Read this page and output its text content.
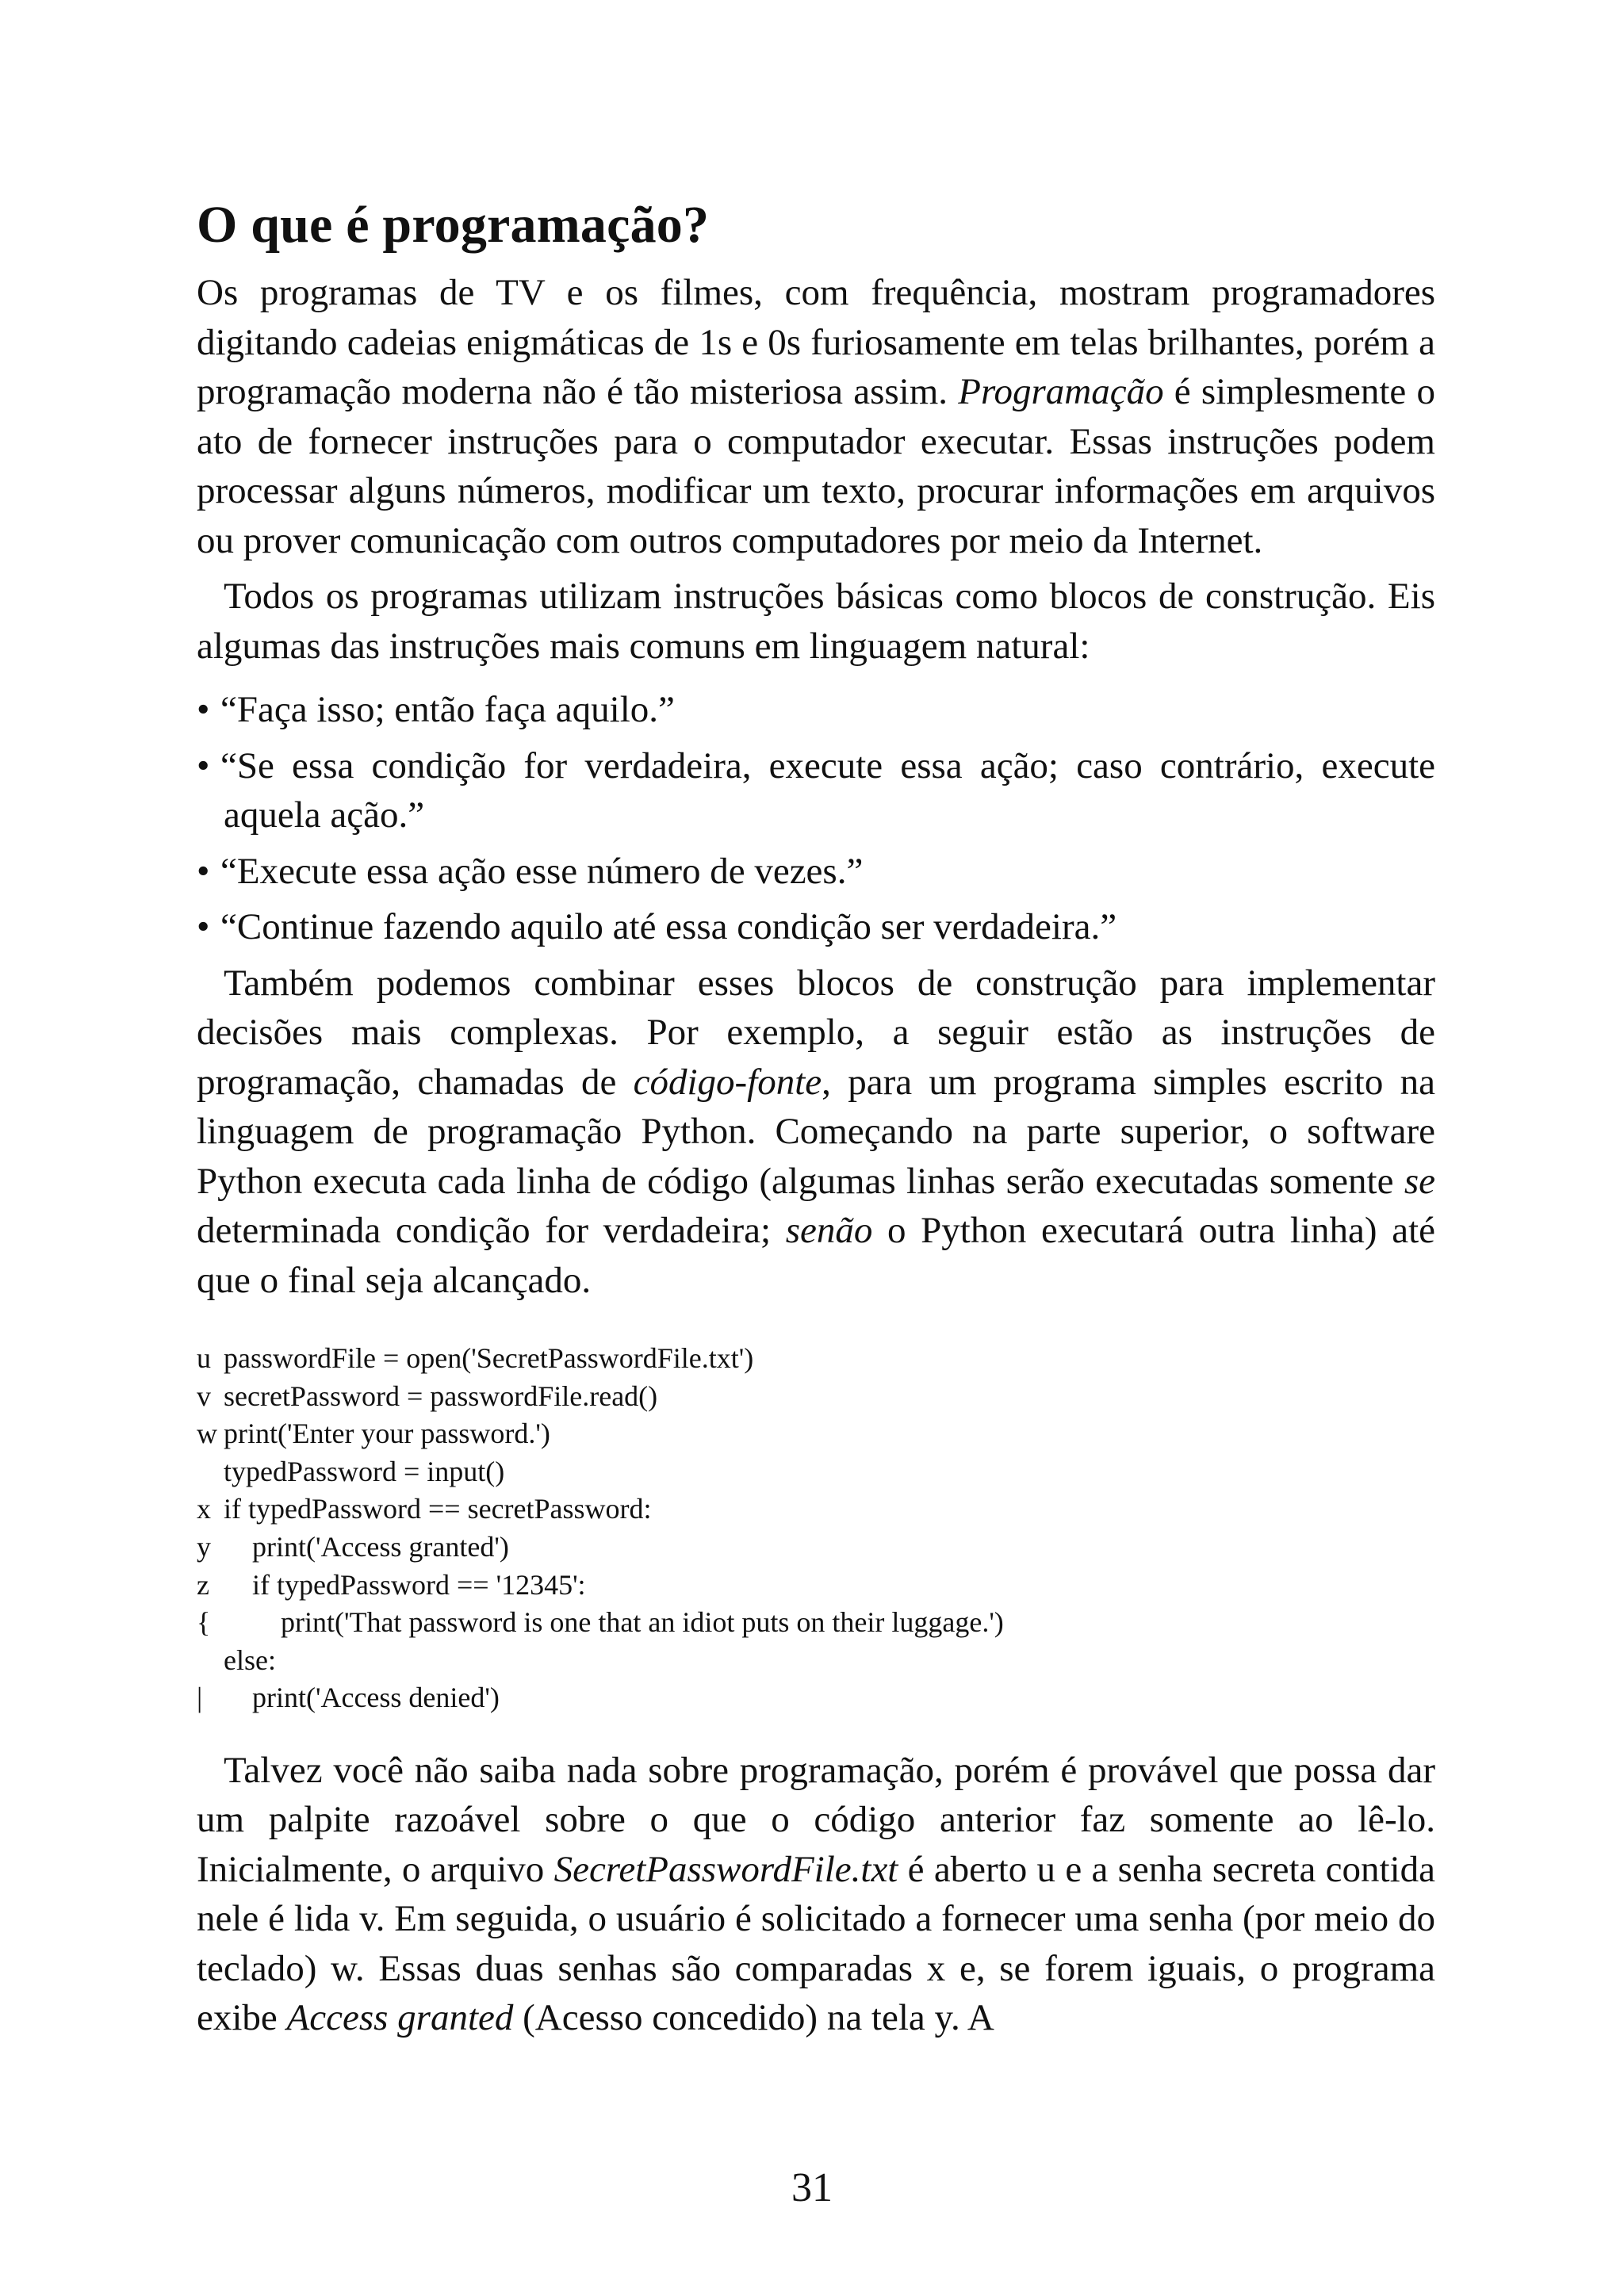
O que é programação?

Os programas de TV e os filmes, com frequência, mostram programadores digitando cadeias enigmáticas de 1s e 0s furiosamente em telas brilhantes, porém a programação moderna não é tão misteriosa assim. Programação é simplesmente o ato de fornecer instruções para o computador executar. Essas instruções podem processar alguns números, modificar um texto, procurar informações em arquivos ou prover comunicação com outros computadores por meio da Internet.

Todos os programas utilizam instruções básicas como blocos de construção. Eis algumas das instruções mais comuns em linguagem natural:

• “Faça isso; então faça aquilo.”
• “Se essa condição for verdadeira, execute essa ação; caso contrário, execute aquela ação.”
• “Execute essa ação esse número de vezes.”
• “Continue fazendo aquilo até essa condição ser verdadeira.”

Também podemos combinar esses blocos de construção para implementar decisões mais complexas. Por exemplo, a seguir estão as instruções de programação, chamadas de código-fonte, para um programa simples escrito na linguagem de programação Python. Começando na parte superior, o software Python executa cada linha de código (algumas linhas serão executadas somente se determinada condição for verdadeira; senão o Python executará outra linha) até que o final seja alcançado.

u passwordFile = open('SecretPasswordFile.txt')
v secretPassword = passwordFile.read()
w print('Enter your password.')
typedPassword = input()
x if typedPassword == secretPassword:
y    print('Access granted')
z    if typedPassword == '12345':
{        print('That password is one that an idiot puts on their luggage.')
else:
|    print('Access denied')

Talvez você não saiba nada sobre programação, porém é provável que possa dar um palpite razoável sobre o que o código anterior faz somente ao lê-lo. Inicialmente, o arquivo SecretPasswordFile.txt é aberto u e a senha secreta contida nele é lida v. Em seguida, o usuário é solicitado a fornecer uma senha (por meio do teclado) w. Essas duas senhas são comparadas x e, se forem iguais, o programa exibe Access granted (Acesso concedido) na tela y. A

31
